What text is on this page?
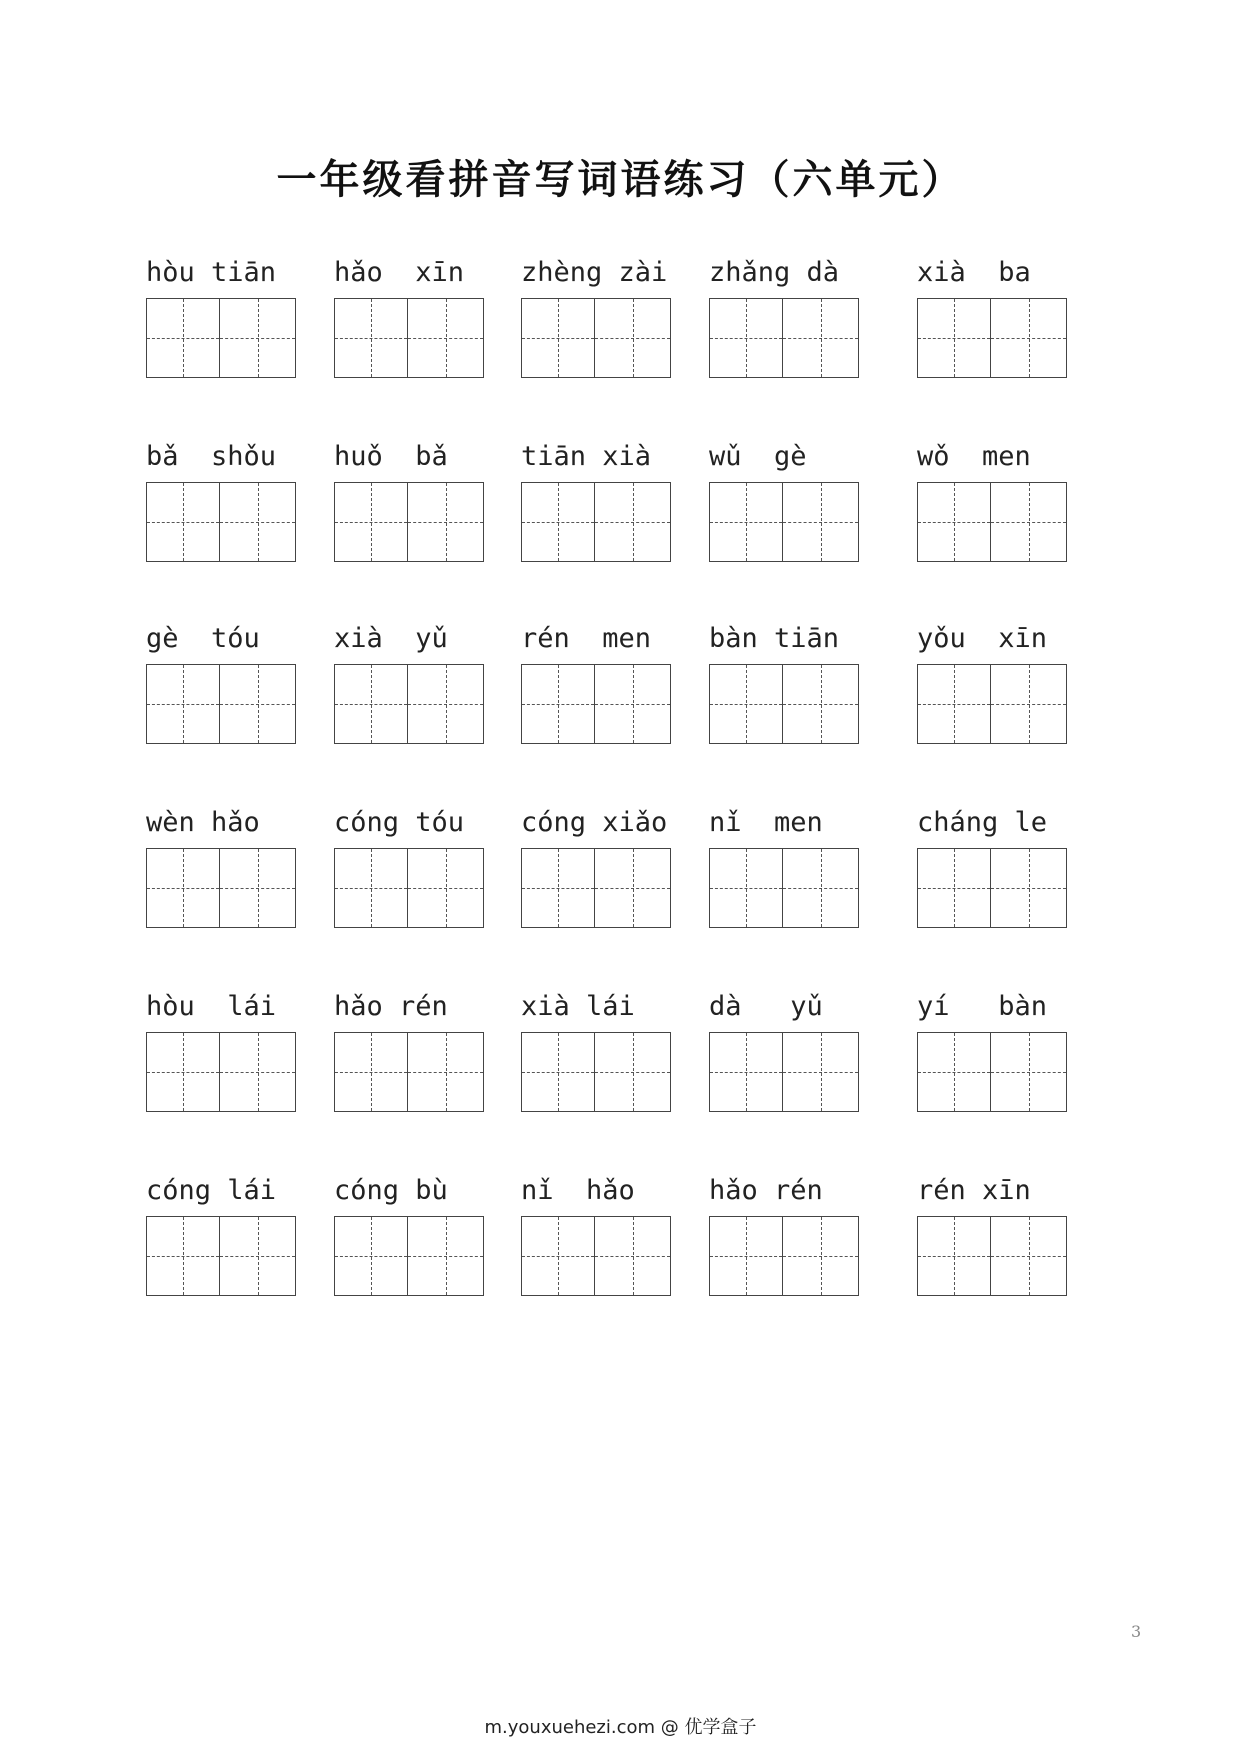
一年级看拼音写词语练习（六单元）
hòu tiān	hǎo  xīn	zhèng zài	zhǎng dà	xià  ba
bǎ  shǒu	huǒ  bǎ	tiān xià	wǔ  gè	wǒ  men
gè  tóu	xià  yǔ	rén  men	bàn tiān	yǒu  xīn
wèn hǎo	cóng tóu	cóng xiǎo	nǐ  men	cháng le
hòu  lái	hǎo rén	xià lái	dà   yǔ	yí   bàn
cóng lái	cóng bù	nǐ  hǎo	hǎo rén	rén xīn
3
m.youxuehezi.com @ 优学盒子
